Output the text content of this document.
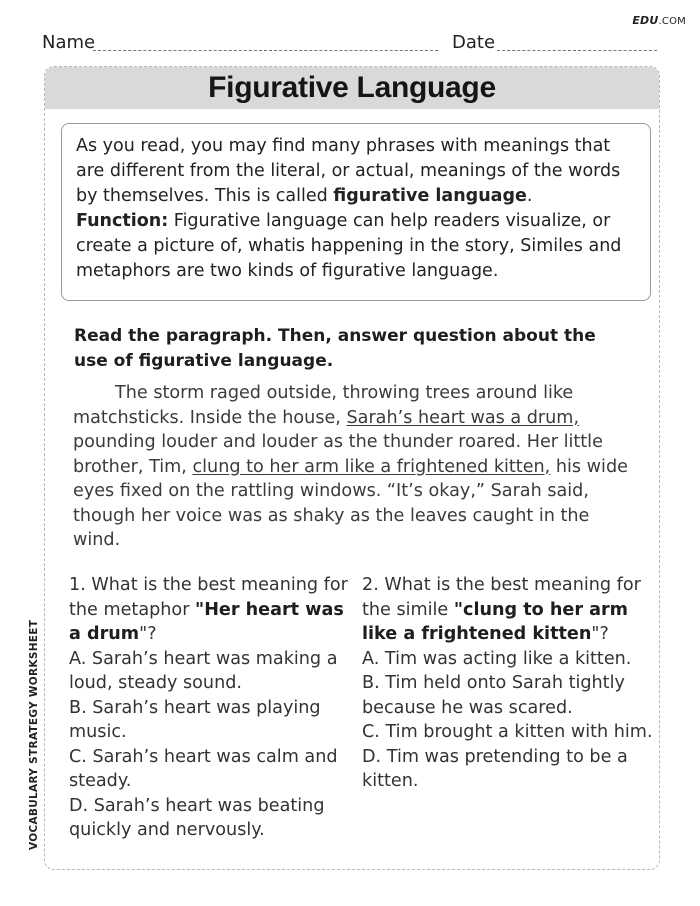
EDU.COM
Name	Date
VOCABULARY STRATEGY WORKSHEET
Figurative Language
As you read, you may find many phrases with meanings that are different from the literal, or actual, meanings of the words by themselves. This is called figurative language.
Function: Figurative language can help readers visualize, or create a picture of, whatis happening in the story, Similes and metaphors are two kinds of figurative language.
Read the paragraph. Then, answer question about the use of figurative language.
The storm raged outside, throwing trees around like matchsticks. Inside the house, Sarah’s heart was a drum, pounding louder and louder as the thunder roared. Her little brother, Tim, clung to her arm like a frightened kitten, his wide eyes fixed on the rattling windows. “It’s okay,” Sarah said, though her voice was as shaky as the leaves caught in the wind.
1. What is the best meaning for the metaphor "Her heart was a drum"?
A. Sarah’s heart was making a loud, steady sound.
B. Sarah’s heart was playing music.
C. Sarah’s heart was calm and steady.
D. Sarah’s heart was beating quickly and nervously.
2. What is the best meaning for the simile "clung to her arm like a frightened kitten"?
A. Tim was acting like a kitten.
B. Tim held onto Sarah tightly because he was scared.
C. Tim brought a kitten with him.
D. Tim was pretending to be a kitten.
